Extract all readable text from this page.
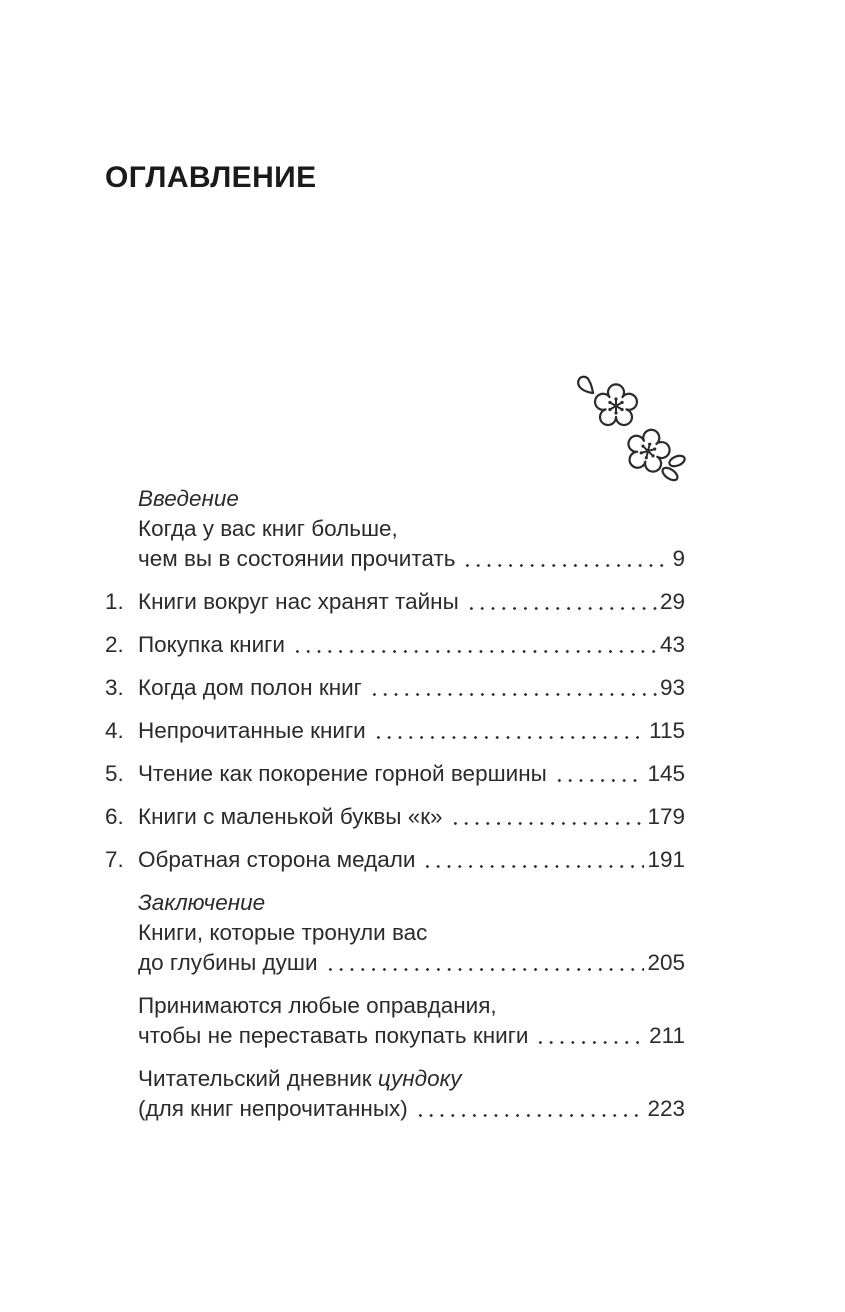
ОГЛАВЛЕНИЕ
Введение
Когда у вас книг больше,
чем вы в состоянии прочитать	9
1. Книги вокруг нас хранят тайны	29
2. Покупка книги	43
3. Когда дом полон книг	93
4. Непрочитанные книги	115
5. Чтение как покорение горной вершины	145
6. Книги с маленькой буквы «к»	179
7. Обратная сторона медали	191
Заключение
Книги, которые тронули вас
до глубины души	205
Принимаются любые оправдания,
чтобы не переставать покупать книги	211
Читательский дневник цундоку
(для книг непрочитанных)	223
